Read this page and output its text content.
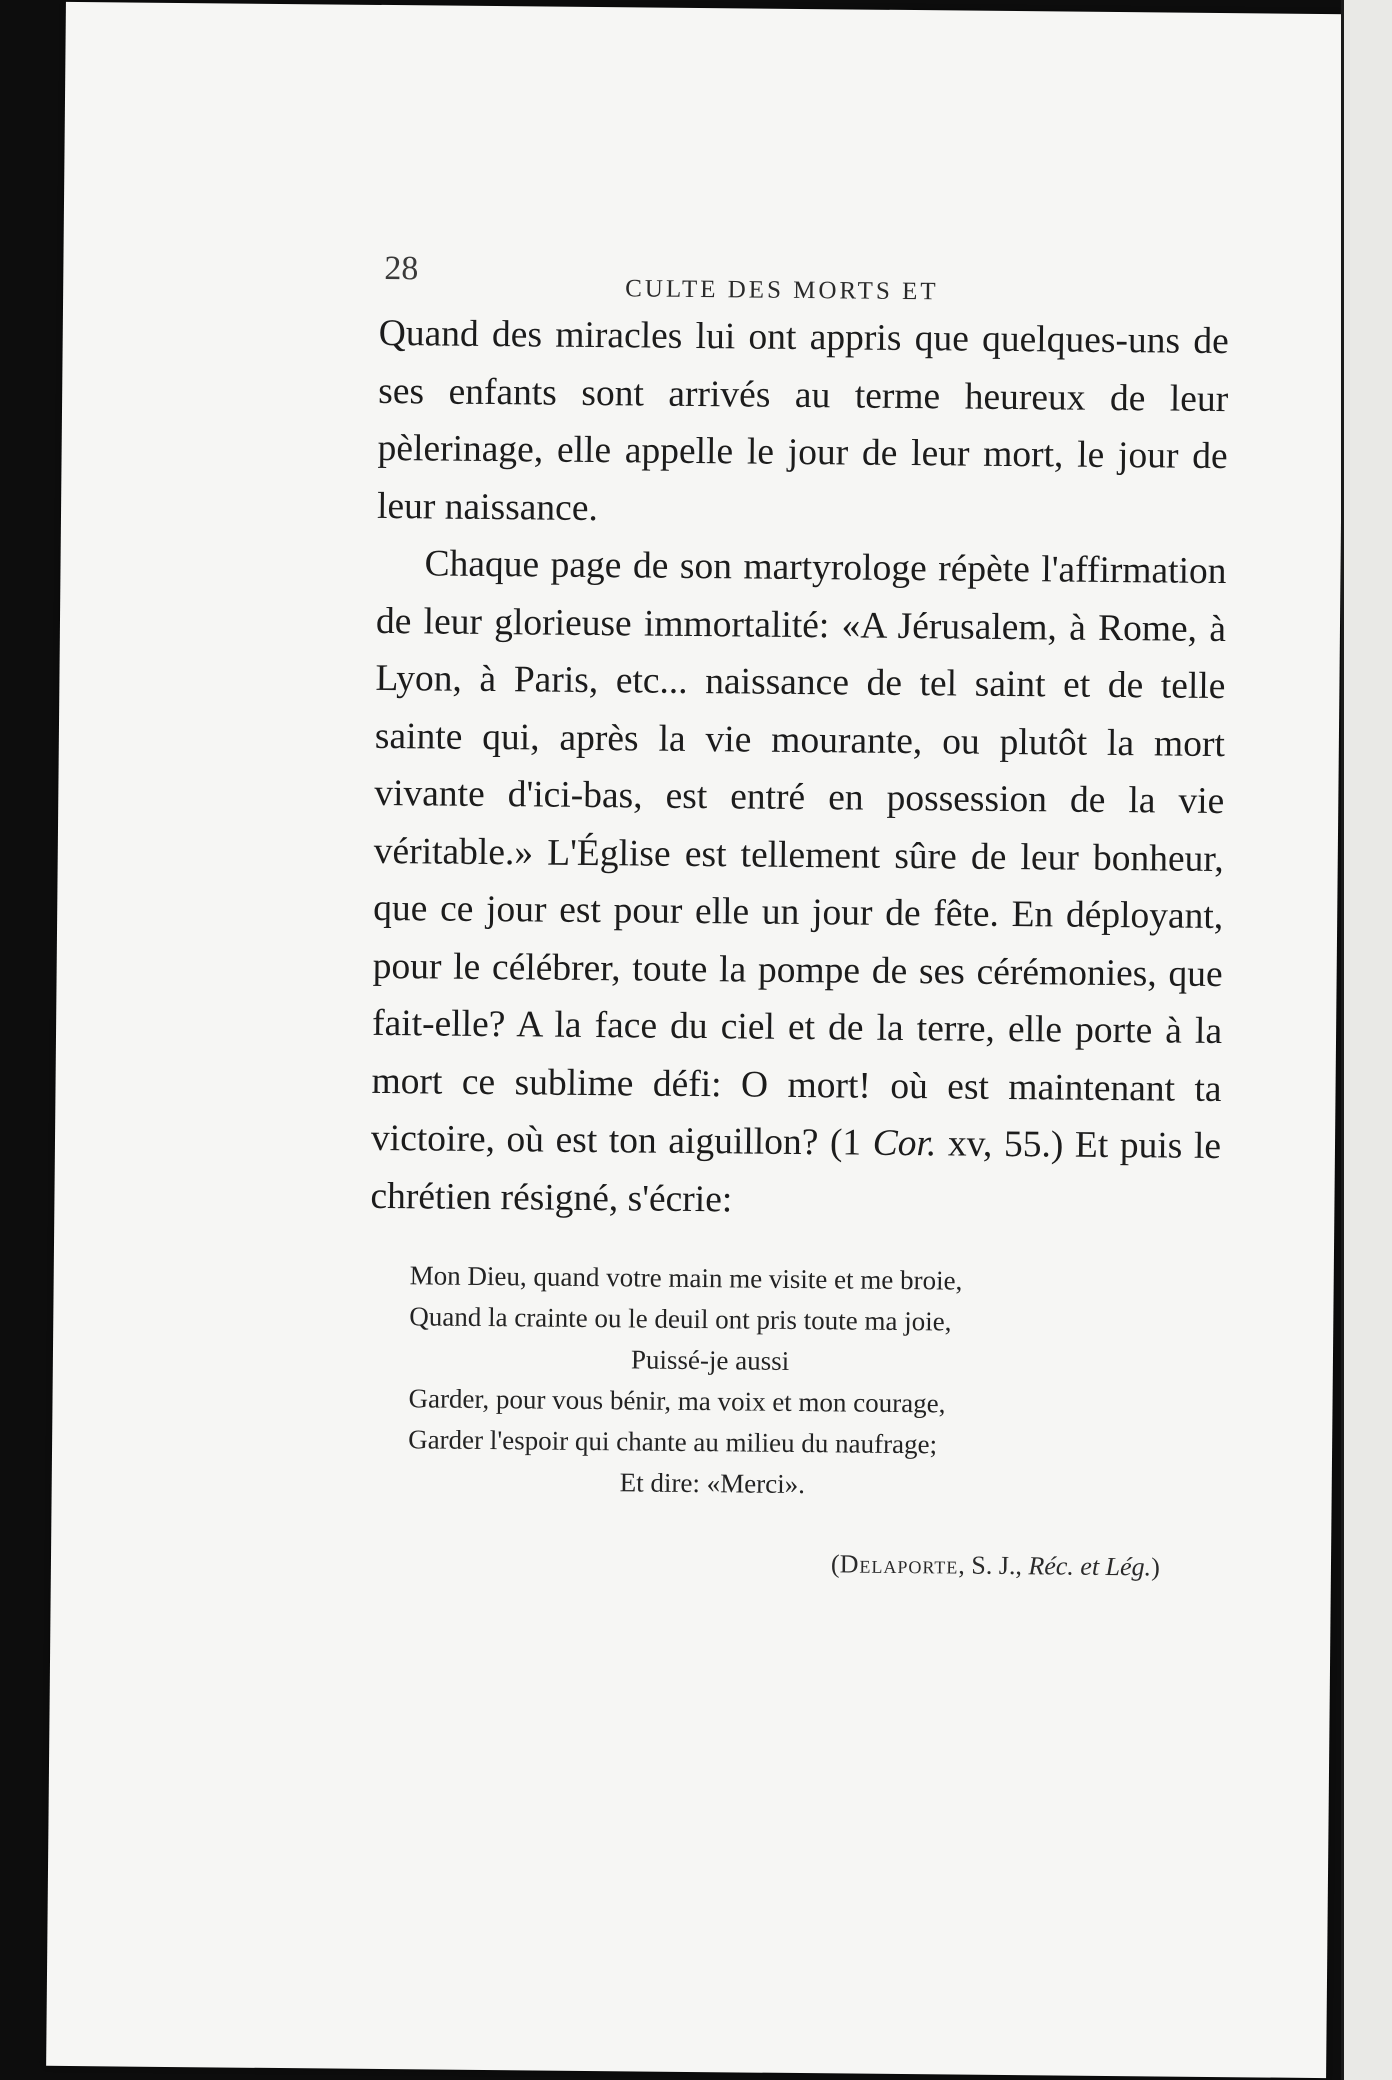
28
CULTE DES MORTS ET

Quand des miracles lui ont appris que quelques-uns de ses enfants sont arrivés au terme heureux de leur pèlerinage, elle appelle le jour de leur mort, le jour de leur naissance.

Chaque page de son martyrologe répète l'affirmation de leur glorieuse immortalité: «A Jérusalem, à Rome, à Lyon, à Paris, etc... naissance de tel saint et de telle sainte qui, après la vie mourante, ou plutôt la mort vivante d'ici-bas, est entré en possession de la vie véritable.» L'Église est tellement sûre de leur bonheur, que ce jour est pour elle un jour de fête. En déployant, pour le célébrer, toute la pompe de ses cérémonies, que fait-elle? A la face du ciel et de la terre, elle porte à la mort ce sublime défi: O mort! où est maintenant ta victoire, où est ton aiguillon? (1 Cor. xv, 55.) Et puis le chrétien résigné, s'écrie:

Mon Dieu, quand votre main me visite et me broie,
Quand la crainte ou le deuil ont pris toute ma joie,
Puissé-je aussi
Garder, pour vous bénir, ma voix et mon courage,
Garder l'espoir qui chante au milieu du naufrage;
Et dire: «Merci».
(Delaporte, S. J., Réc. et Lég.)
